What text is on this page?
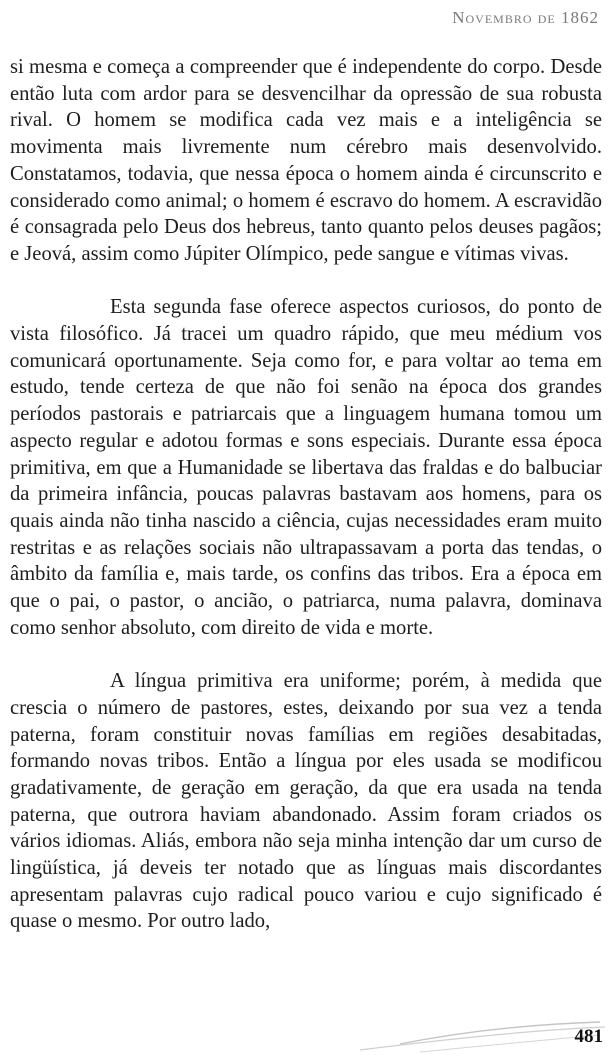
Novembro de 1862

si mesma e começa a compreender que é independente do corpo. Desde então luta com ardor para se desvencilhar da opressão de sua robusta rival. O homem se modifica cada vez mais e a inteligência se movimenta mais livremente num cérebro mais desenvolvido. Constatamos, todavia, que nessa época o homem ainda é circunscrito e considerado como animal; o homem é escravo do homem. A escravidão é consagrada pelo Deus dos hebreus, tanto quanto pelos deuses pagãos; e Jeová, assim como Júpiter Olímpico, pede sangue e vítimas vivas.

Esta segunda fase oferece aspectos curiosos, do ponto de vista filosófico. Já tracei um quadro rápido, que meu médium vos comunicará oportunamente. Seja como for, e para voltar ao tema em estudo, tende certeza de que não foi senão na época dos grandes períodos pastorais e patriarcais que a linguagem humana tomou um aspecto regular e adotou formas e sons especiais. Durante essa época primitiva, em que a Humanidade se libertava das fraldas e do balbuciar da primeira infância, poucas palavras bastavam aos homens, para os quais ainda não tinha nascido a ciência, cujas necessidades eram muito restritas e as relações sociais não ultrapassavam a porta das tendas, o âmbito da família e, mais tarde, os confins das tribos. Era a época em que o pai, o pastor, o ancião, o patriarca, numa palavra, dominava como senhor absoluto, com direito de vida e morte.

A língua primitiva era uniforme; porém, à medida que crescia o número de pastores, estes, deixando por sua vez a tenda paterna, foram constituir novas famílias em regiões desabitadas, formando novas tribos. Então a língua por eles usada se modificou gradativamente, de geração em geração, da que era usada na tenda paterna, que outrora haviam abandonado. Assim foram criados os vários idiomas. Aliás, embora não seja minha intenção dar um curso de lingüística, já deveis ter notado que as línguas mais discordantes apresentam palavras cujo radical pouco variou e cujo significado é quase o mesmo. Por outro lado,

481
